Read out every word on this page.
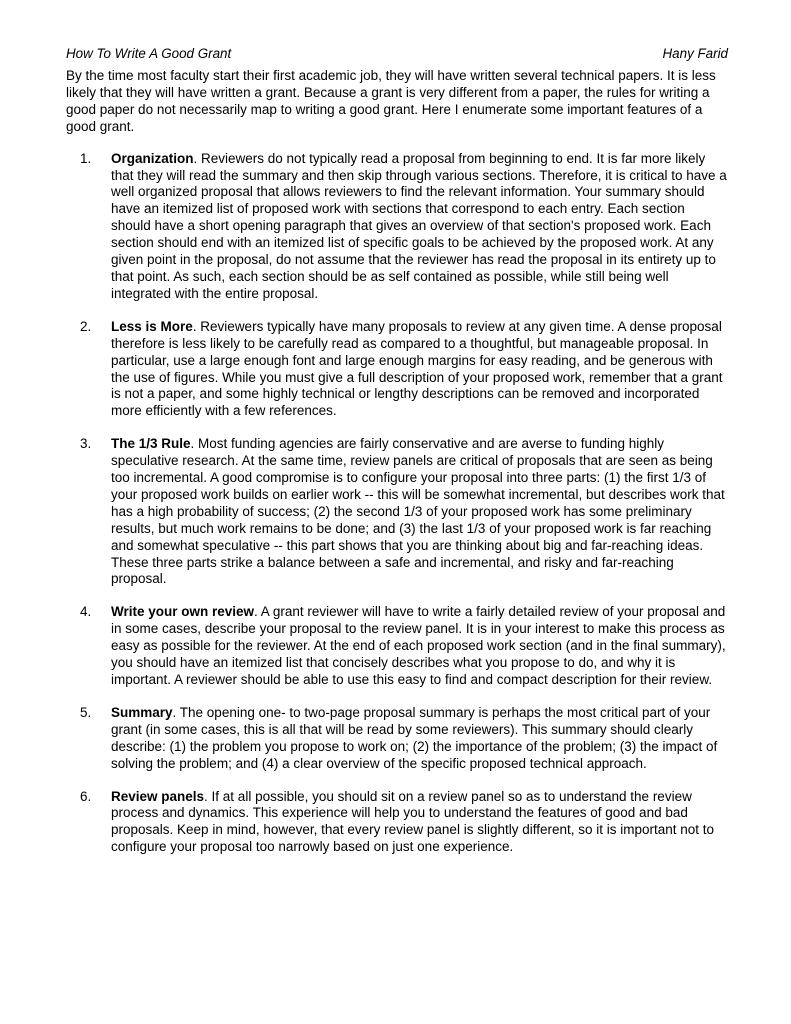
How To Write A Good Grant	Hany Farid

By the time most faculty start their first academic job, they will have written several technical papers. It is less likely that they will have written a grant. Because a grant is very different from a paper, the rules for writing a good paper do not necessarily map to writing a good grant. Here I enumerate some important features of a good grant.

1. Organization. Reviewers do not typically read a proposal from beginning to end. It is far more likely that they will read the summary and then skip through various sections. Therefore, it is critical to have a well organized proposal that allows reviewers to find the relevant information. Your summary should have an itemized list of proposed work with sections that correspond to each entry. Each section should have a short opening paragraph that gives an overview of that section's proposed work. Each section should end with an itemized list of specific goals to be achieved by the proposed work. At any given point in the proposal, do not assume that the reviewer has read the proposal in its entirety up to that point. As such, each section should be as self contained as possible, while still being well integrated with the entire proposal.
2. Less is More. Reviewers typically have many proposals to review at any given time. A dense proposal therefore is less likely to be carefully read as compared to a thoughtful, but manageable proposal. In particular, use a large enough font and large enough margins for easy reading, and be generous with the use of figures. While you must give a full description of your proposed work, remember that a grant is not a paper, and some highly technical or lengthy descriptions can be removed and incorporated more efficiently with a few references.
3. The 1/3 Rule. Most funding agencies are fairly conservative and are averse to funding highly speculative research. At the same time, review panels are critical of proposals that are seen as being too incremental. A good compromise is to configure your proposal into three parts: (1) the first 1/3 of your proposed work builds on earlier work -- this will be somewhat incremental, but describes work that has a high probability of success; (2) the second 1/3 of your proposed work has some preliminary results, but much work remains to be done; and (3) the last 1/3 of your proposed work is far reaching and somewhat speculative -- this part shows that you are thinking about big and far-reaching ideas. These three parts strike a balance between a safe and incremental, and risky and far-reaching proposal.
4. Write your own review. A grant reviewer will have to write a fairly detailed review of your proposal and in some cases, describe your proposal to the review panel. It is in your interest to make this process as easy as possible for the reviewer. At the end of each proposed work section (and in the final summary), you should have an itemized list that concisely describes what you propose to do, and why it is important. A reviewer should be able to use this easy to find and compact description for their review.
5. Summary. The opening one- to two-page proposal summary is perhaps the most critical part of your grant (in some cases, this is all that will be read by some reviewers). This summary should clearly describe: (1) the problem you propose to work on; (2) the importance of the problem; (3) the impact of solving the problem; and (4) a clear overview of the specific proposed technical approach.
6. Review panels. If at all possible, you should sit on a review panel so as to understand the review process and dynamics. This experience will help you to understand the features of good and bad proposals. Keep in mind, however, that every review panel is slightly different, so it is important not to configure your proposal too narrowly based on just one experience.
